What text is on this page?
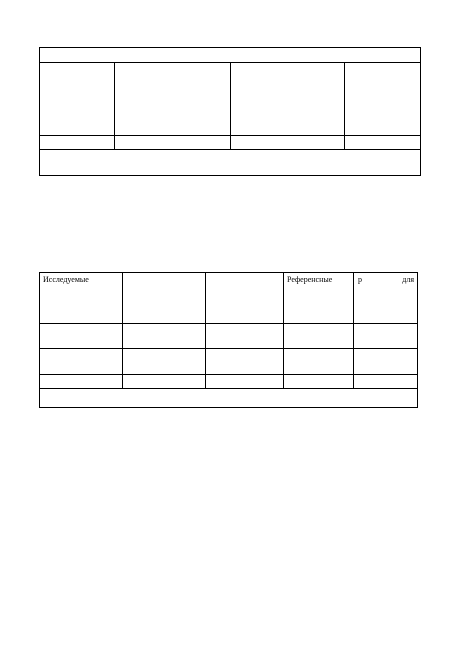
Исследуемые			Референсные	р для
